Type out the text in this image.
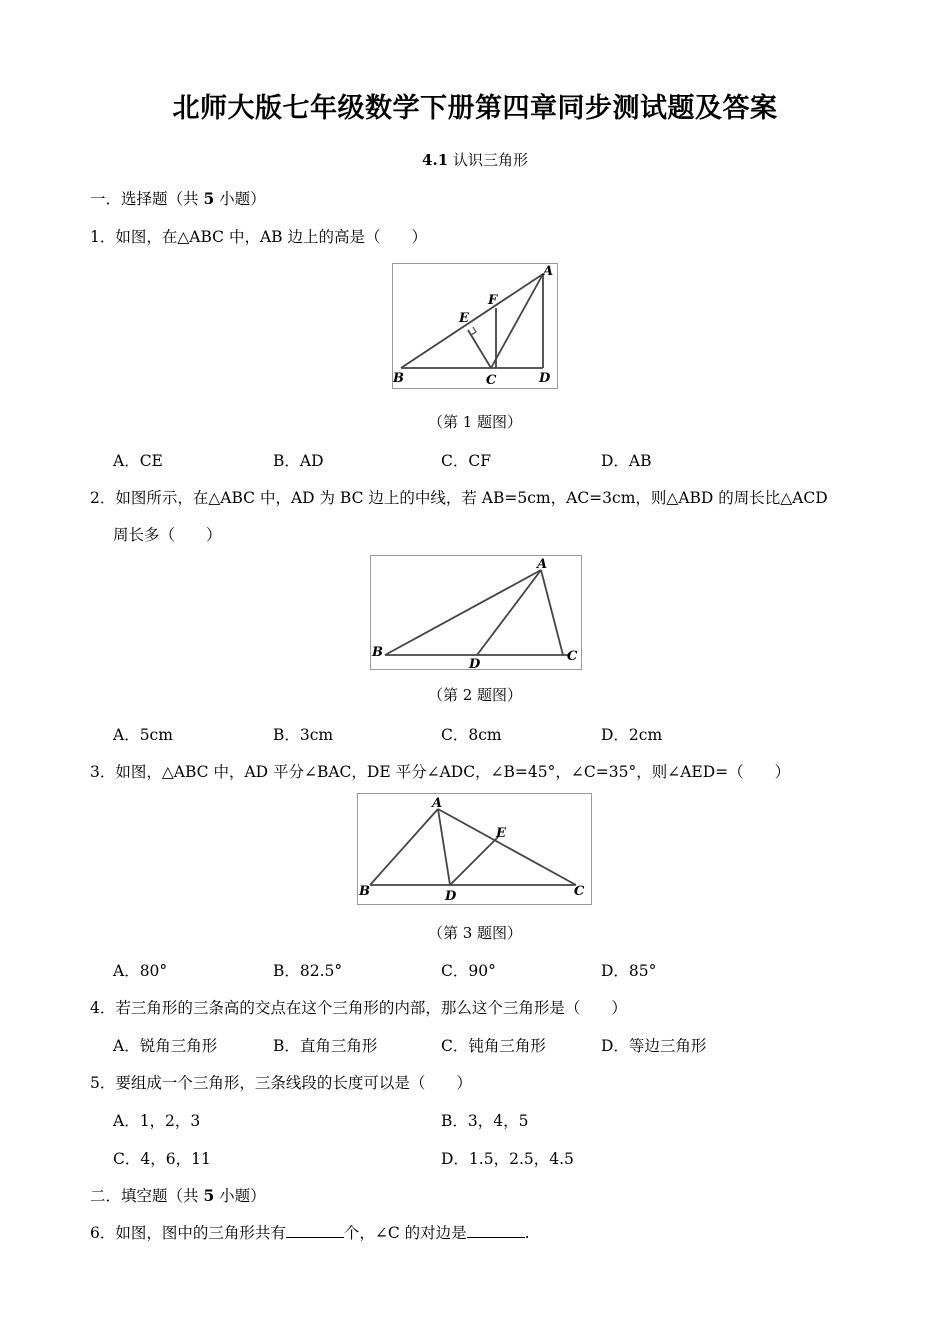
北师大版七年级数学下册第四章同步测试题及答案
4.1 认识三角形
一．选择题（共 5 小题）
1．如图，在△ABC 中，AB 边上的高是（　　）
A
B	C	D
E
F
（第 1 题图）
A．CE	B．AD	C．CF	D．AB
2．如图所示，在△ABC 中，AD 为 BC 边上的中线，若 AB=5cm，AC=3cm，则△ABD 的周长比△ACD
周长多（　　）
A
B
D
C
（第 2 题图）
A．5cm	B．3cm	C．8cm	D．2cm
3．如图，△ABC 中，AD 平分∠BAC，DE 平分∠ADC，∠B=45°，∠C=35°，则∠AED=（　　）
A
E
B	D	C
（第 3 题图）
A．80°	B．82.5°	C．90°	D．85°
4．若三角形的三条高的交点在这个三角形的内部，那么这个三角形是（　　）
A．锐角三角形	B．直角三角形	C．钝角三角形	D．等边三角形
5．要组成一个三角形，三条线段的长度可以是（　　）
A．1，2，3	B．3，4，5
C．4，6，11	D．1.5，2.5，4.5
二．填空题（共 5 小题）
6．如图，图中的三角形共有	个，∠C 的对边是	.
